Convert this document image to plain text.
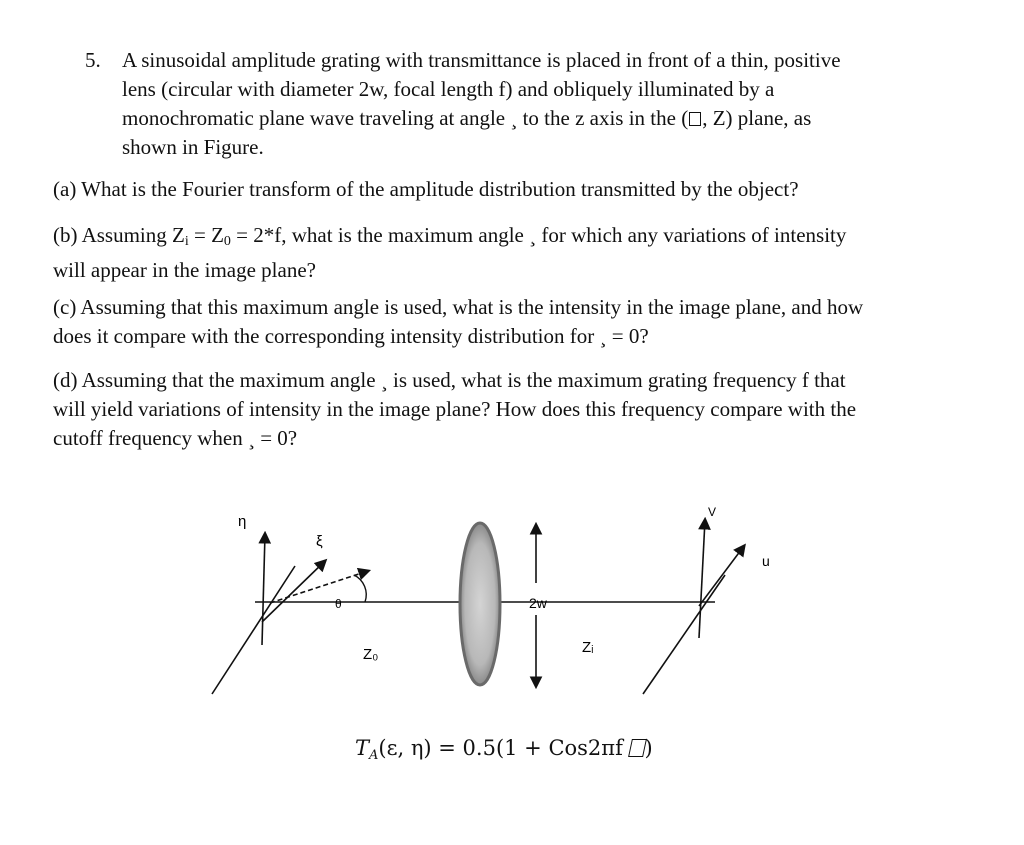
5. A sinusoidal amplitude grating with transmittance is placed in front of a thin, positive
lens (circular with diameter 2w, focal length f) and obliquely illuminated by a
monochromatic plane wave traveling at angle ¸ to the z axis in the ( , Z) plane, as
shown in Figure.
(a) What is the Fourier transform of the amplitude distribution transmitted by the object?
(b) Assuming $Z_i = Z_0 = 2*f$, what is the maximum angle ¸ for which any variations of intensity
will appear in the image plane?
(c) Assuming that this maximum angle is used, what is the intensity in the image plane, and how
does it compare with the corresponding intensity distribution for ¸ = 0?
(d) Assuming that the maximum angle ¸ is used, what is the maximum grating frequency f that
will yield variations of intensity in the image plane? How does this frequency compare with the
cutoff frequency when ¸ = 0?
η
ξ
θ
Z₀
2w
Zᵢ
V
u
TA(ε, η) = 0.5(1 + Cos2πf )
